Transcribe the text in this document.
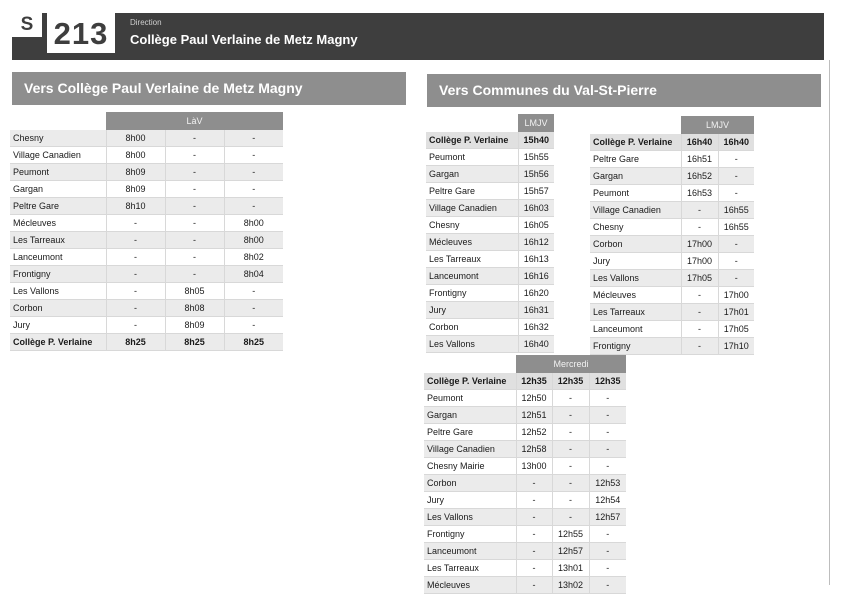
S 213	Direction
Collège Paul Verlaine de Metz Magny
Vers Collège Paul Verlaine de Metz Magny
LàV
Chesny	8h00	-	-
Village Canadien	8h00	-	-
Peumont	8h09	-	-
Gargan	8h09	-	-
Peltre Gare	8h10	-	-
Mécleuves	-	-	8h00
Les Tarreaux	-	-	8h00
Lanceumont	-	-	8h02
Frontigny	-	-	8h04
Les Vallons	-	8h05	-
Corbon	-	8h08	-
Jury	-	8h09	-
Collège P. Verlaine	8h25	8h25	8h25
Vers Communes du Val-St-Pierre
LMJV
Collège P. Verlaine	15h40
Peumont	15h55
Gargan	15h56
Peltre Gare	15h57
Village Canadien	16h03
Chesny	16h05
Mécleuves	16h12
Les Tarreaux	16h13
Lanceumont	16h16
Frontigny	16h20
Jury	16h31
Corbon	16h32
Les Vallons	16h40
LMJV
Collège P. Verlaine	16h40	16h40
Peltre Gare	16h51	-
Gargan	16h52	-
Peumont	16h53	-
Village Canadien	-	16h55
Chesny	-	16h55
Corbon	17h00	-
Jury	17h00	-
Les Vallons	17h05	-
Mécleuves	-	17h00
Les Tarreaux	-	17h01
Lanceumont	-	17h05
Frontigny	-	17h10
Mercredi
Collège P. Verlaine	12h35	12h35	12h35
Peumont	12h50	-	-
Gargan	12h51	-	-
Peltre Gare	12h52	-	-
Village Canadien	12h58	-	-
Chesny Mairie	13h00	-	-
Corbon	-	-	12h53
Jury	-	-	12h54
Les Vallons	-	-	12h57
Frontigny	-	12h55	-
Lanceumont	-	12h57	-
Les Tarreaux	-	13h01	-
Mécleuves	-	13h02	-
